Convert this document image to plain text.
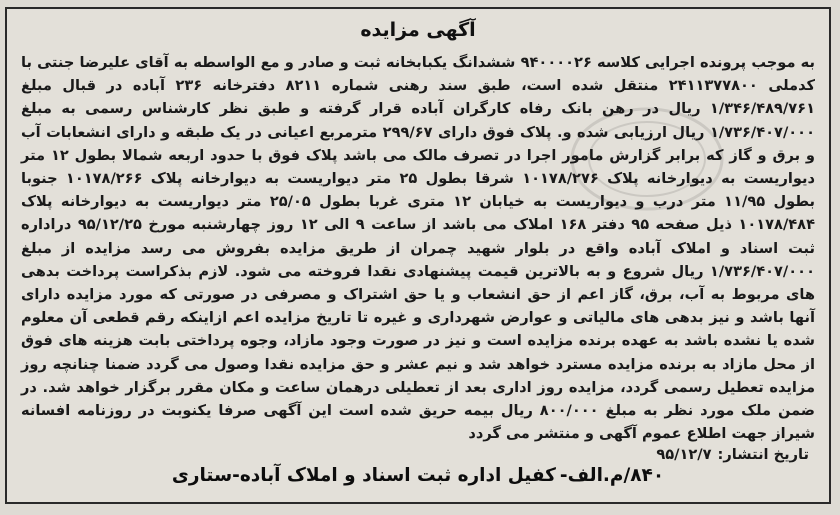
آگهی مزایده
به موجب پرونده اجرایی کلاسه ۹۴۰۰۰۰۲۶ ششدانگ یکبابخانه ثبت و صادر و مع الواسطه به آقای علیرضا جنتی با کدملی ۲۴۱۱۳۷۷۸۰۰ منتقل شده است، طبق سند رهنی شماره ۸۲۱۱ دفترخانه ۲۳۶ آباده در قبال مبلغ ۱/۳۴۶/۴۸۹/۷۶۱ ریال در رهن بانک رفاه کارگران آباده قرار گرفته و طبق نظر کارشناس رسمی به مبلغ ۱/۷۳۶/۴۰۷/۰۰۰ ریال ارزیابی شده و. پلاک فوق دارای ۲۹۹/۶۷ مترمربع اعیانی در یک طبقه و دارای انشعابات آب و برق و گاز که برابر گزارش مامور اجرا در تصرف مالک می باشد پلاک فوق با حدود اربعه شمالا بطول ۱۲ متر دیواریست به دیوارخانه پلاک ۱۰۱۷۸/۲۷۶ شرقا بطول ۲۵ متر دیواریست به دیوارخانه پلاک ۱۰۱۷۸/۲۶۶ جنوبا بطول ۱۱/۹۵ متر درب و دیواریست به خیابان ۱۲ متری غربا بطول ۲۵/۰۵ متر دیواریست به دیوارخانه پلاک ۱۰۱۷۸/۴۸۴ ذیل صفحه ۹۵ دفتر ۱۶۸ املاک می باشد از ساعت ۹ الی ۱۲ روز چهارشنبه مورخ ۹۵/۱۲/۲۵ دراداره ثبت اسناد و املاک آباده واقع در بلوار شهید چمران از طریق مزایده بفروش می رسد مزایده از مبلغ ۱/۷۳۶/۴۰۷/۰۰۰ ریال شروع و به بالاترین قیمت پیشنهادی نقدا فروخته می شود. لازم بذکراست پرداخت بدهی های مربوط به آب، برق، گاز اعم از حق انشعاب و یا حق اشتراک و مصرفی در صورتی که مورد مزایده دارای آنها باشد و نیز بدهی های مالیاتی و عوارض شهرداری و غیره تا تاریخ مزایده اعم ازاینکه رقم قطعی آن معلوم شده یا نشده باشد به عهده برنده مزایده است و نیز در صورت وجود مازاد، وجوه پرداختی بابت هزینه های فوق از محل مازاد به برنده مزایده مسترد خواهد شد و نیم عشر و حق مزایده نقدا وصول می گردد ضمنا چنانچه روز مزایده تعطیل رسمی گردد، مزایده روز اداری بعد از تعطیلی درهمان ساعت و مکان مقرر برگزار خواهد شد. در ضمن ملک مورد نظر به مبلغ ۸۰۰/۰۰۰ ریال بیمه حریق شده است این آگهی صرفا یکنوبت در روزنامه افسانه شیراز جهت اطلاع عموم آگهی و منتشر می گردد
تاریخ انتشار:۹۵/۱۲/۷
۸۴۰/م.الف-کفیل اداره ثبت اسناد و املاک آباده-ستاری
